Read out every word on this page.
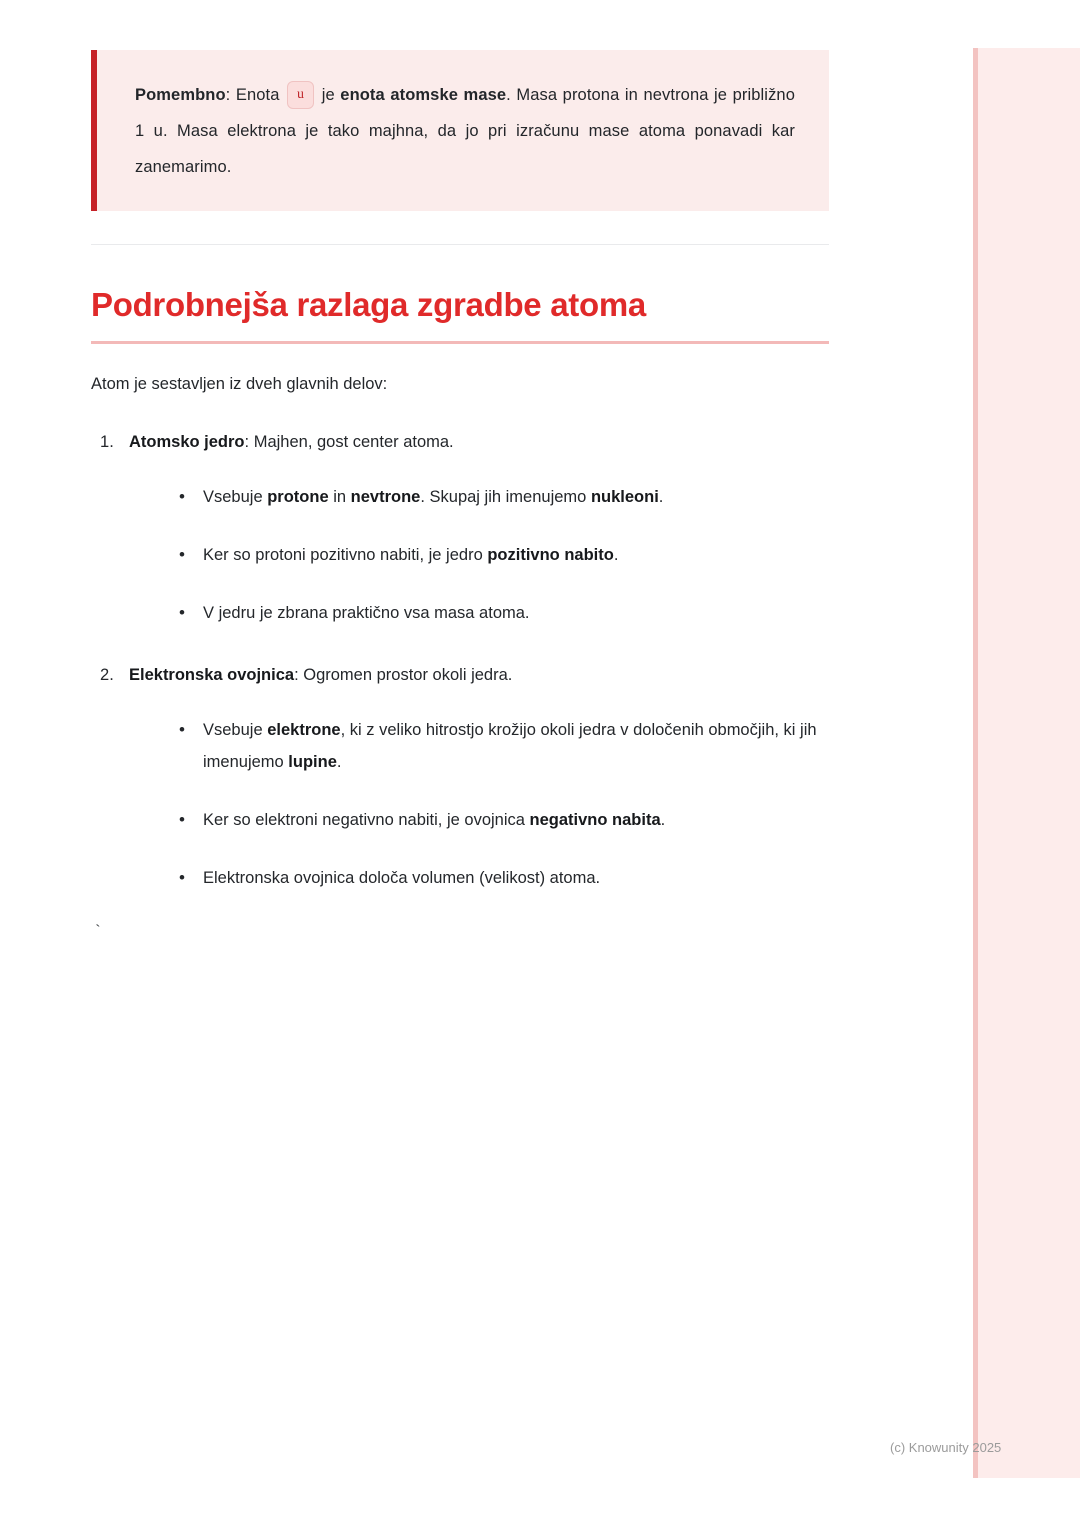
Pomembno: Enota u je enota atomske mase. Masa protona in nevtrona je približno 1 u. Masa elektrona je tako majhna, da jo pri izračunu mase atoma ponavadi kar zanemarimo.

Podrobnejša razlaga zgradbe atoma

Atom je sestavljen iz dveh glavnih delov:

Atomsko jedro: Majhen, gost center atoma.
• Vsebuje protone in nevtrone. Skupaj jih imenujemo nukleoni.
• Ker so protoni pozitivno nabiti, je jedro pozitivno nabito.
• V jedru je zbrana praktično vsa masa atoma.
Elektronska ovojnica: Ogromen prostor okoli jedra.
• Vsebuje elektrone, ki z veliko hitrostjo krožijo okoli jedra v določenih območjih, ki jih imenujemo lupine.
• Ker so elektroni negativno nabiti, je ovojnica negativno nabita.
• Elektronska ovojnica določa volumen (velikost) atoma.
`
(c) Knowunity 2025
